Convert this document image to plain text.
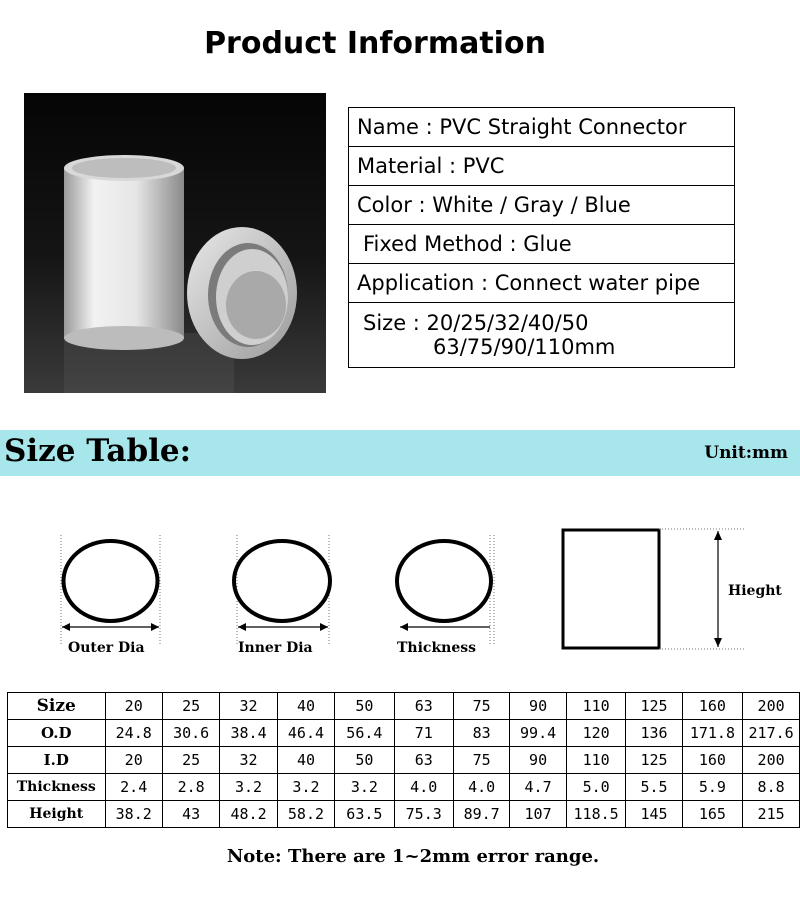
Product Information
Name : PVC Straight Connector
Material : PVC
Color : White / Gray / Blue
Fixed Method : Glue
Application : Connect water pipe
Size : 20/25/32/40/50
63/75/90/110mm
Size Table:	Unit:mm
Outer Dia	Inner Dia	Thickness
Hieght
Size	20	25	32	40	50	63	75	90	110	125	160	200
O.D	24.8	30.6	38.4	46.4	56.4	71	83	99.4	120	136	171.8	217.6
I.D	20	25	32	40	50	63	75	90	110	125	160	200
Thickness	2.4	2.8	3.2	3.2	3.2	4.0	4.0	4.7	5.0	5.5	5.9	8.8
Height	38.2	43	48.2	58.2	63.5	75.3	89.7	107	118.5	145	165	215
Note: There are 1~2mm error range.
